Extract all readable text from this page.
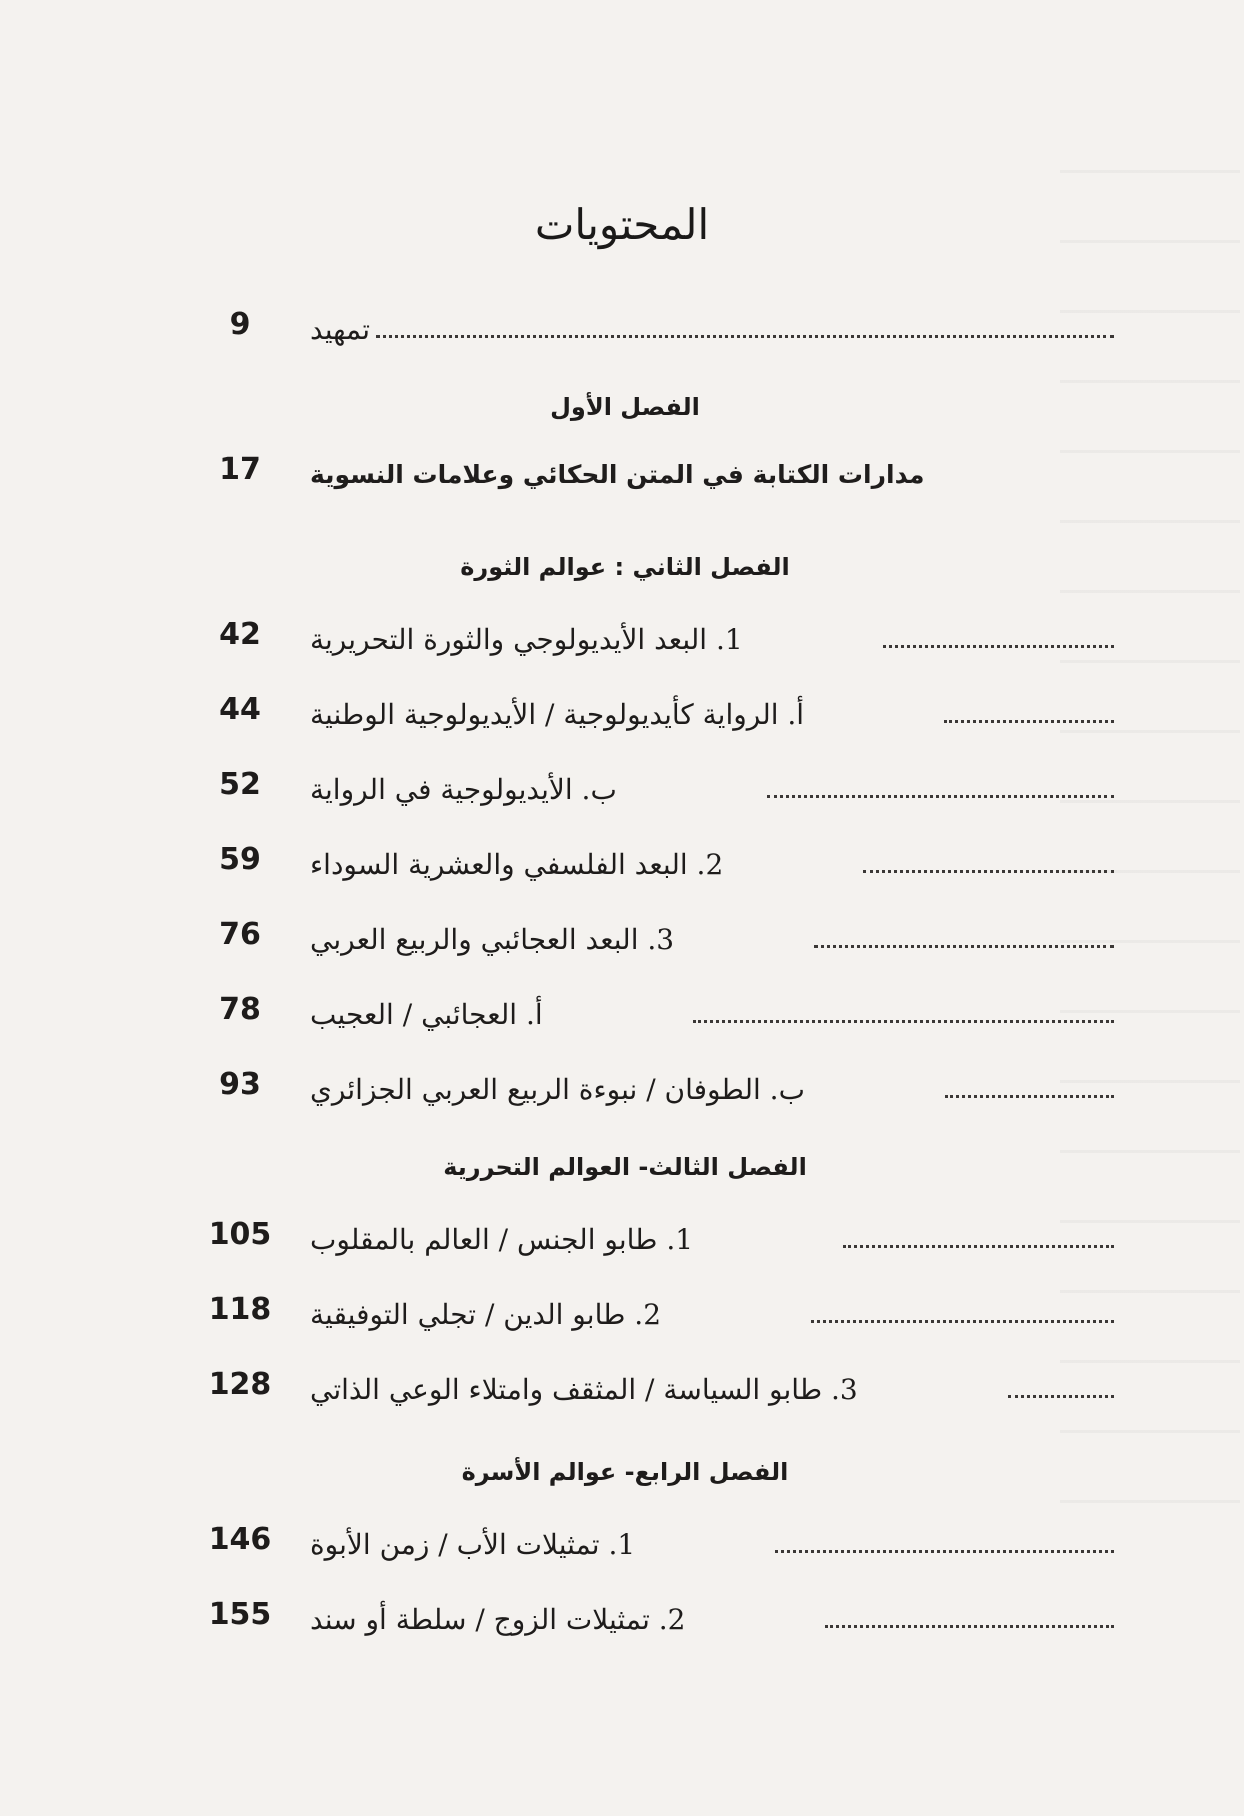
المحتويات
9	تمهيد
الفصل الأول
17	مدارات الكتابة في المتن الحكائي وعلامات النسوية
الفصل الثاني : عوالم الثورة
42	1. البعد الأيديولوجي والثورة التحريرية
44	أ. الرواية كأيديولوجية / الأيديولوجية الوطنية
52	ب. الأيديولوجية في الرواية
59	2. البعد الفلسفي والعشرية السوداء
76	3. البعد العجائبي والربيع العربي
78	أ. العجائبي / العجيب
93	ب. الطوفان / نبوءة الربيع العربي الجزائري
الفصل الثالث- العوالم التحررية
105	1. طابو الجنس / العالم بالمقلوب
118	2. طابو الدين / تجلي التوفيقية
128	3. طابو السياسة / المثقف وامتلاء الوعي الذاتي
الفصل الرابع- عوالم الأسرة
146	1. تمثيلات الأب / زمن الأبوة
155	2. تمثيلات الزوج / سلطة أو سند
